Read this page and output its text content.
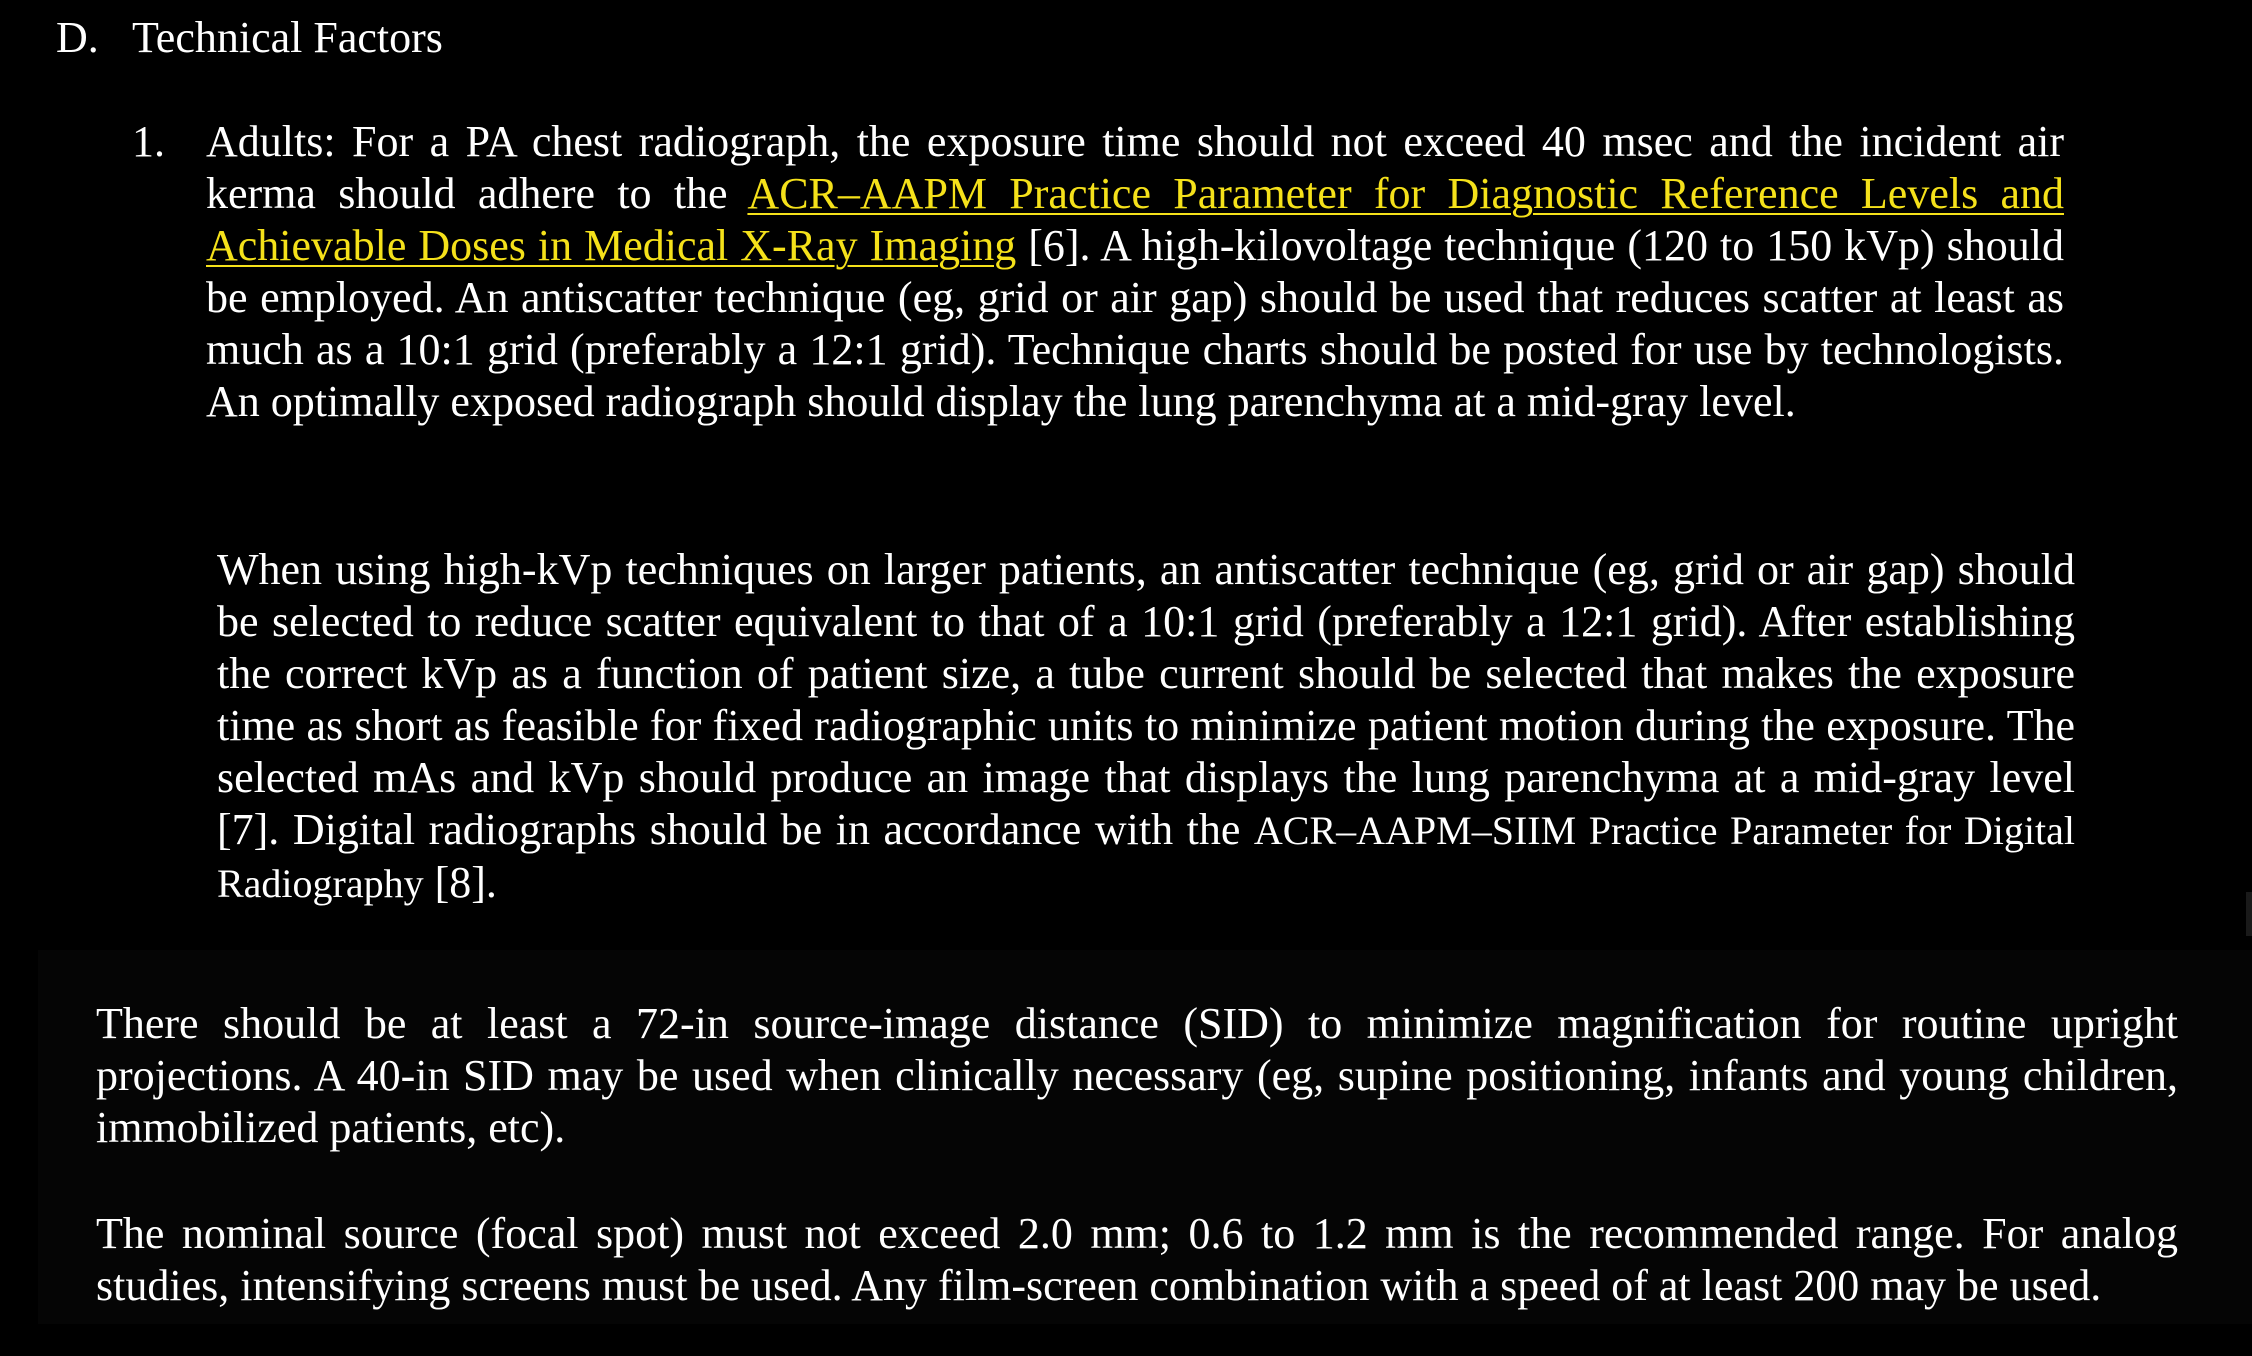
D. Technical Factors
1. Adults: For a PA chest radiograph, the exposure time should not exceed 40 msec and the incident air kerma should adhere to the ACR–AAPM Practice Parameter for Diagnostic Reference Levels and Achievable Doses in Medical X-Ray Imaging [6]. A high-kilovoltage technique (120 to 150 kVp) should be employed. An antiscatter technique (eg, grid or air gap) should be used that reduces scatter at least as much as a 10:1 grid (preferably a 12:1 grid). Technique charts should be posted for use by technologists. An optimally exposed radiograph should display the lung parenchyma at a mid-gray level.

When using high-kVp techniques on larger patients, an antiscatter technique (eg, grid or air gap) should be selected to reduce scatter equivalent to that of a 10:1 grid (preferably a 12:1 grid). After establishing the correct kVp as a function of patient size, a tube current should be selected that makes the exposure time as short as feasible for fixed radiographic units to minimize patient motion during the exposure. The selected mAs and kVp should produce an image that displays the lung parenchyma at a mid-gray level [7]. Digital radiographs should be in accordance with the ACR–AAPM–SIIM Practice Parameter for Digital Radiography [8].

There should be at least a 72-in source-image distance (SID) to minimize magnification for routine upright projections. A 40-in SID may be used when clinically necessary (eg, supine positioning, infants and young children, immobilized patients, etc).

The nominal source (focal spot) must not exceed 2.0 mm; 0.6 to 1.2 mm is the recommended range. For analog studies, intensifying screens must be used. Any film-screen combination with a speed of at least 200 may be used.
